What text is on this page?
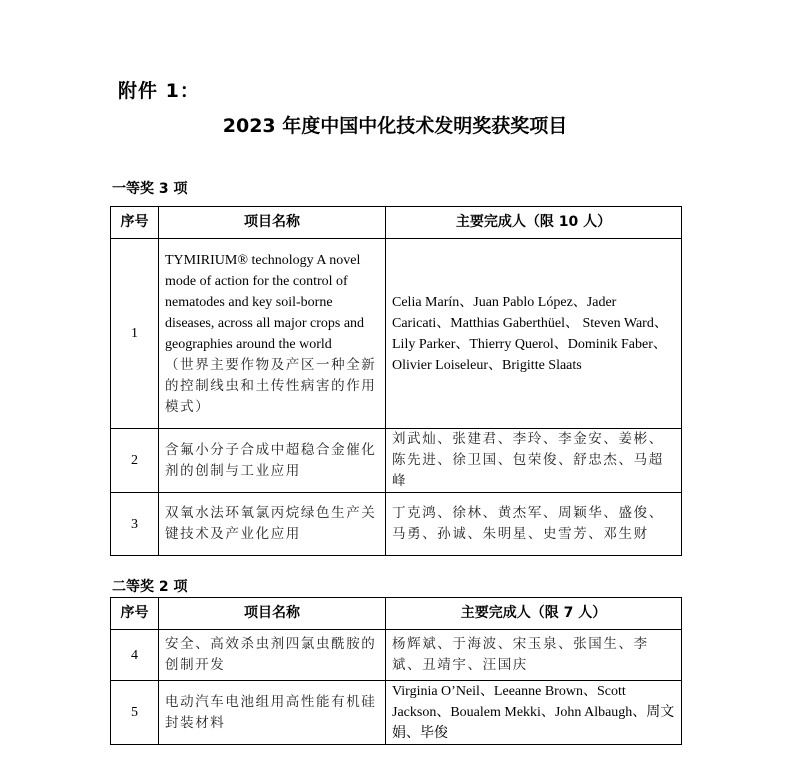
附件 1：
2023 年度中国中化技术发明奖获奖项目
一等奖 3 项
序号	项目名称	主要完成人（限 10 人）
1	TYMIRIUM® technology A novel mode of action for the control of nematodes and key soil-borne diseases, across all major crops and geographies around the world
（世界主要作物及产区一种全新的控制线虫和土传性病害的作用模式）	Celia Marín、Juan Pablo López、Jader Caricati、Matthias Gaberthüel、 Steven Ward、Lily Parker、Thierry Querol、Dominik Faber、Olivier Loiseleur、Brigitte Slaats
2	含氟小分子合成中超稳合金催化剂的创制与工业应用	刘武灿、张建君、李玲、李金安、姜彬、陈先进、徐卫国、包荣俊、舒忠杰、马超峰
3	双氧水法环氧氯丙烷绿色生产关键技术及产业化应用	丁克鸿、徐林、黄杰军、周颖华、盛俊、马勇、孙诚、朱明星、史雪芳、邓生财
二等奖 2 项
序号	项目名称	主要完成人（限 7 人）
4	安全、高效杀虫剂四氯虫酰胺的创制开发	杨辉斌、于海波、宋玉泉、张国生、李斌、丑靖宇、汪国庆
5	电动汽车电池组用高性能有机硅封装材料	Virginia O’Neil、Leeanne Brown、Scott Jackson、Boualem Mekki、John Albaugh、周文娟、毕俊
